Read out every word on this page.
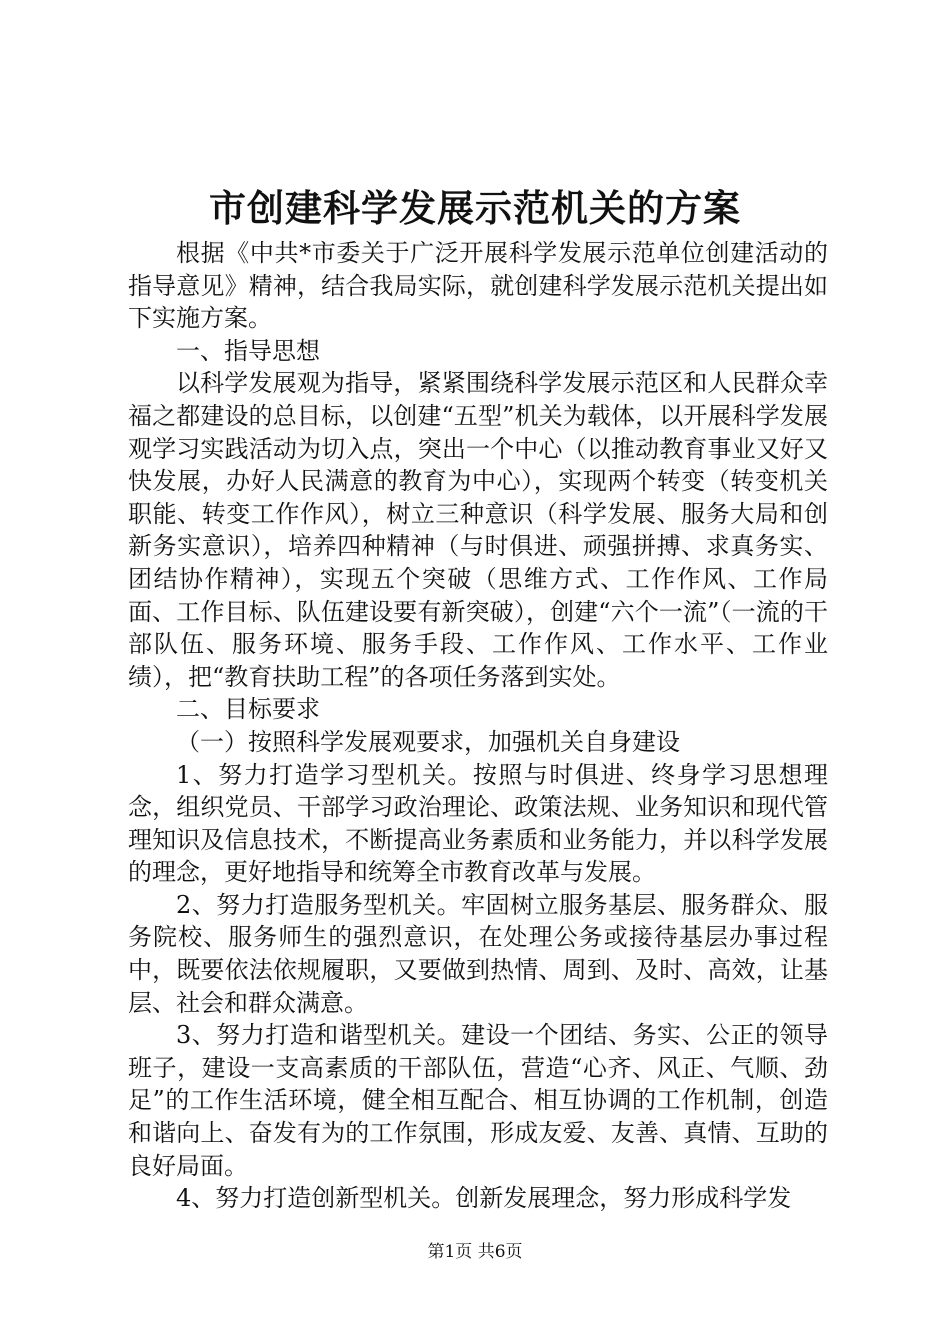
市创建科学发展示范机关的方案

根据《中共*市委关于广泛开展科学发展示范单位创建活动的指导意见》精神，结合我局实际，就创建科学发展示范机关提出如下实施方案。

一、指导思想

以科学发展观为指导，紧紧围绕科学发展示范区和人民群众幸福之都建设的总目标，以创建“五型”机关为载体，以开展科学发展观学习实践活动为切入点，突出一个中心（以推动教育事业又好又快发展，办好人民满意的教育为中心），实现两个转变（转变机关职能、转变工作作风），树立三种意识（科学发展、服务大局和创新务实意识），培养四种精神（与时俱进、顽强拼搏、求真务实、团结协作精神），实现五个突破（思维方式、工作作风、工作局面、工作目标、队伍建设要有新突破），创建“六个一流”（一流的干部队伍、服务环境、服务手段、工作作风、工作水平、工作业绩），把“教育扶助工程”的各项任务落到实处。

二、目标要求

（一）按照科学发展观要求，加强机关自身建设

1、努力打造学习型机关。按照与时俱进、终身学习思想理念，组织党员、干部学习政治理论、政策法规、业务知识和现代管理知识及信息技术，不断提高业务素质和业务能力，并以科学发展的理念，更好地指导和统筹全市教育改革与发展。

2、努力打造服务型机关。牢固树立服务基层、服务群众、服务院校、服务师生的强烈意识，在处理公务或接待基层办事过程中，既要依法依规履职，又要做到热情、周到、及时、高效，让基层、社会和群众满意。

3、努力打造和谐型机关。建设一个团结、务实、公正的领导班子，建设一支高素质的干部队伍，营造“心齐、风正、气顺、劲足”的工作生活环境，健全相互配合、相互协调的工作机制，创造和谐向上、奋发有为的工作氛围，形成友爱、友善、真情、互助的良好局面。

4、努力打造创新型机关。创新发展理念，努力形成科学发

第1页 共6页
